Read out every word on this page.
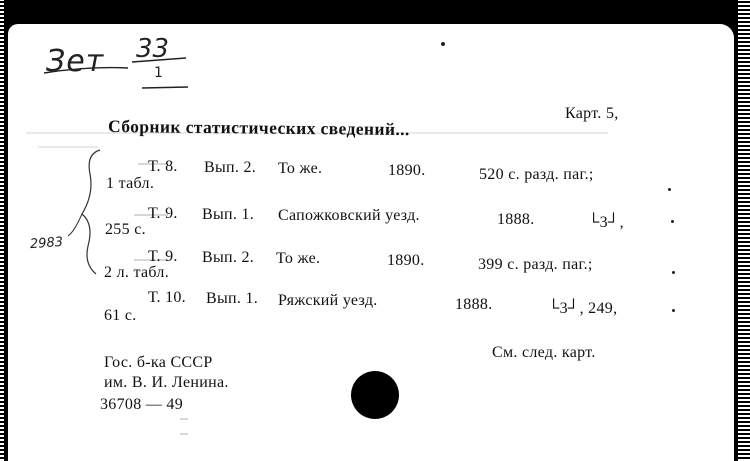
Зет 33
1
2983
Карт. 5,
Сборник статистических сведений...
Т. 8. Вып. 2. То же.	1890.	520 с. разд. паг.;
1 табл.
Т. 9. Вып. 1. Сапожковский уезд.	1888.	└3┘,
255 с.
Т. 9. Вып. 2. То же.	1890.	399 с. разд. паг.;
2 л. табл.
Т. 10. Вып. 1. Ряжский уезд.	1888.	└3┘, 249,
61 с.
См. след. карт.
Гос. б-ка СССР
им. В. И. Ленина.
36708 — 49
